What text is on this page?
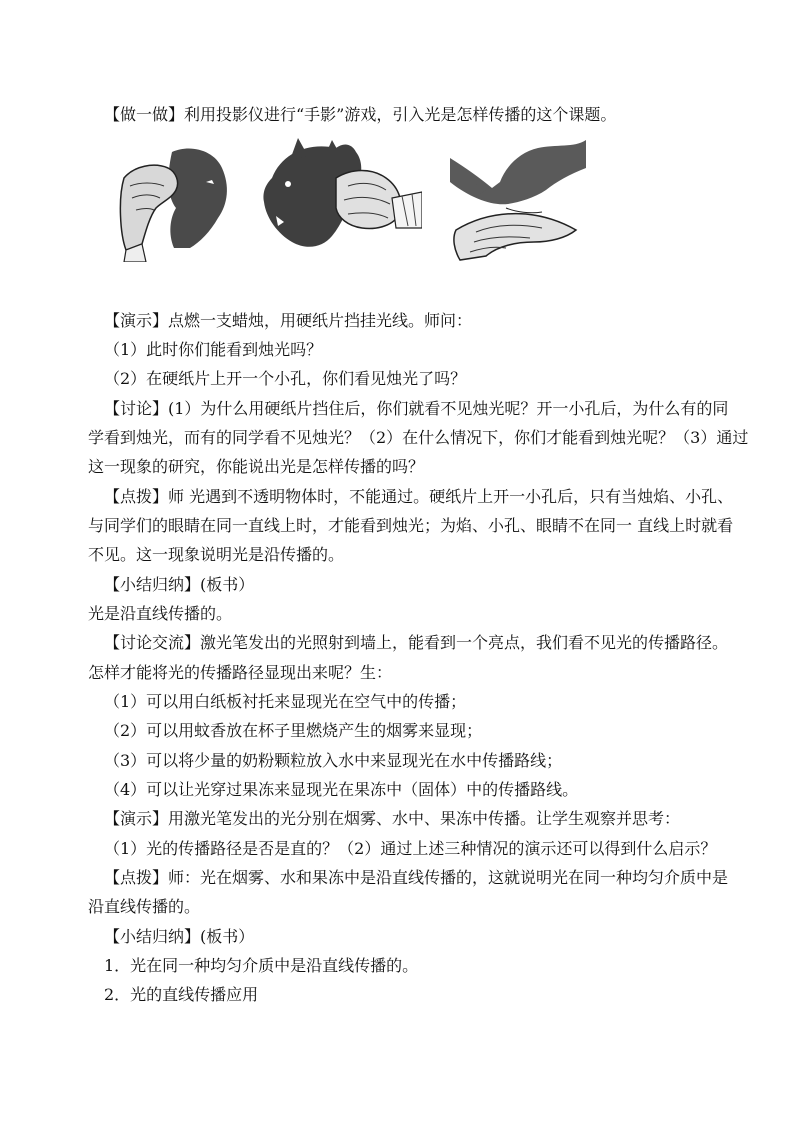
【做一做】利用投影仪进行“手影”游戏，引入光是怎样传播的这个课题。
【演示】点燃一支蜡烛，用硬纸片挡挂光线。师问：
（1）此时你们能看到烛光吗？
（2）在硬纸片上开一个小孔，你们看见烛光了吗？
【讨论】(1）为什么用硬纸片挡住后，你们就看不见烛光呢？开一小孔后，为什么有的同
学看到烛光，而有的同学看不见烛光？（2）在什么情况下，你们才能看到烛光呢？（3）通过
这一现象的研究，你能说出光是怎样传播的吗？
【点拨】师 光遇到不透明物体时，不能通过。硬纸片上开一小孔后，只有当烛焰、小孔、
与同学们的眼睛在同一直线上时，才能看到烛光；为焰、小孔、眼睛不在同一 直线上时就看
不见。这一现象说明光是沿传播的。
【小结归纳】(板书）
光是沿直线传播的。
【讨论交流】激光笔发出的光照射到墙上，能看到一个亮点，我们看不见光的传播路径。
怎样才能将光的传播路径显现出来呢？生：
（1）可以用白纸板衬托来显现光在空气中的传播；
（2）可以用蚊香放在杯子里燃烧产生的烟雾来显现；
（3）可以将少量的奶粉颗粒放入水中来显现光在水中传播路线；
（4）可以让光穿过果冻来显现光在果冻中（固体）中的传播路线。
【演示】用激光笔发出的光分别在烟雾、水中、果冻中传播。让学生观察并思考：
（1）光的传播路径是否是直的？（2）通过上述三种情况的演示还可以得到什么启示？
【点拨】师：光在烟雾、水和果冻中是沿直线传播的，这就说明光在同一种均匀介质中是
沿直线传播的。
【小结归纳】(板书）
1．光在同一种均匀介质中是沿直线传播的。
2．光的直线传播应用
